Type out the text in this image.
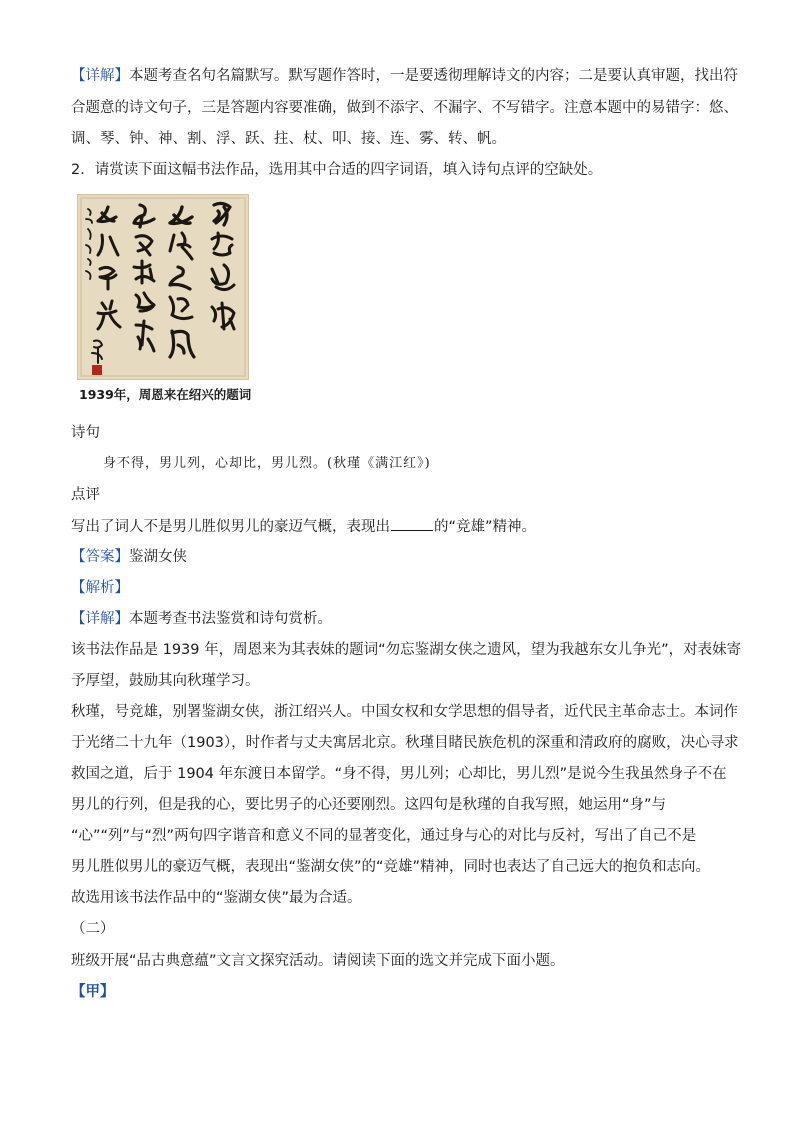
【详解】本题考查名句名篇默写。默写题作答时，一是要透彻理解诗文的内容；二是要认真审题，找出符
合题意的诗文句子，三是答题内容要准确，做到不添字、不漏字、不写错字。注意本题中的易错字：悠、
调、琴、钟、神、割、浮、跃、拄、杖、叩、接、连、雾、转、帆。
2．请赏读下面这幅书法作品，选用其中合适的四字词语，填入诗句点评的空缺处。
1939年，周恩来在绍兴的题词
诗句
身不得，男儿列，心却比，男儿烈。(秋瑾《满江红》)
点评
写出了词人不是男儿胜似男儿的豪迈气概，表现出	的“竞雄”精神。
【答案】鉴湖女侠
【解析】
【详解】本题考查书法鉴赏和诗句赏析。
该书法作品是 1939 年，周恩来为其表妹的题词“勿忘鉴湖女侠之遗风，望为我越东女儿争光”，对表妹寄
予厚望，鼓励其向秋瑾学习。
秋瑾，号竞雄，别署鉴湖女侠，浙江绍兴人。中国女权和女学思想的倡导者，近代民主革命志士。本词作
于光绪二十九年（1903），时作者与丈夫寓居北京。秋瑾目睹民族危机的深重和清政府的腐败，决心寻求
救国之道，后于 1904 年东渡日本留学。“身不得，男儿列；心却比，男儿烈”是说今生我虽然身子不在
男儿的行列，但是我的心，要比男子的心还要刚烈。这四句是秋瑾的自我写照，她运用“身”与
“心”“列”与“烈”两句四字谐音和意义不同的显著变化，通过身与心的对比与反衬，写出了自己不是
男儿胜似男儿的豪迈气概，表现出“鉴湖女侠”的“竞雄”精神，同时也表达了自己远大的抱负和志向。
故选用该书法作品中的“鉴湖女侠”最为合适。
（二）
班级开展“品古典意蕴”文言文探究活动。请阅读下面的选文并完成下面小题。
【甲】
